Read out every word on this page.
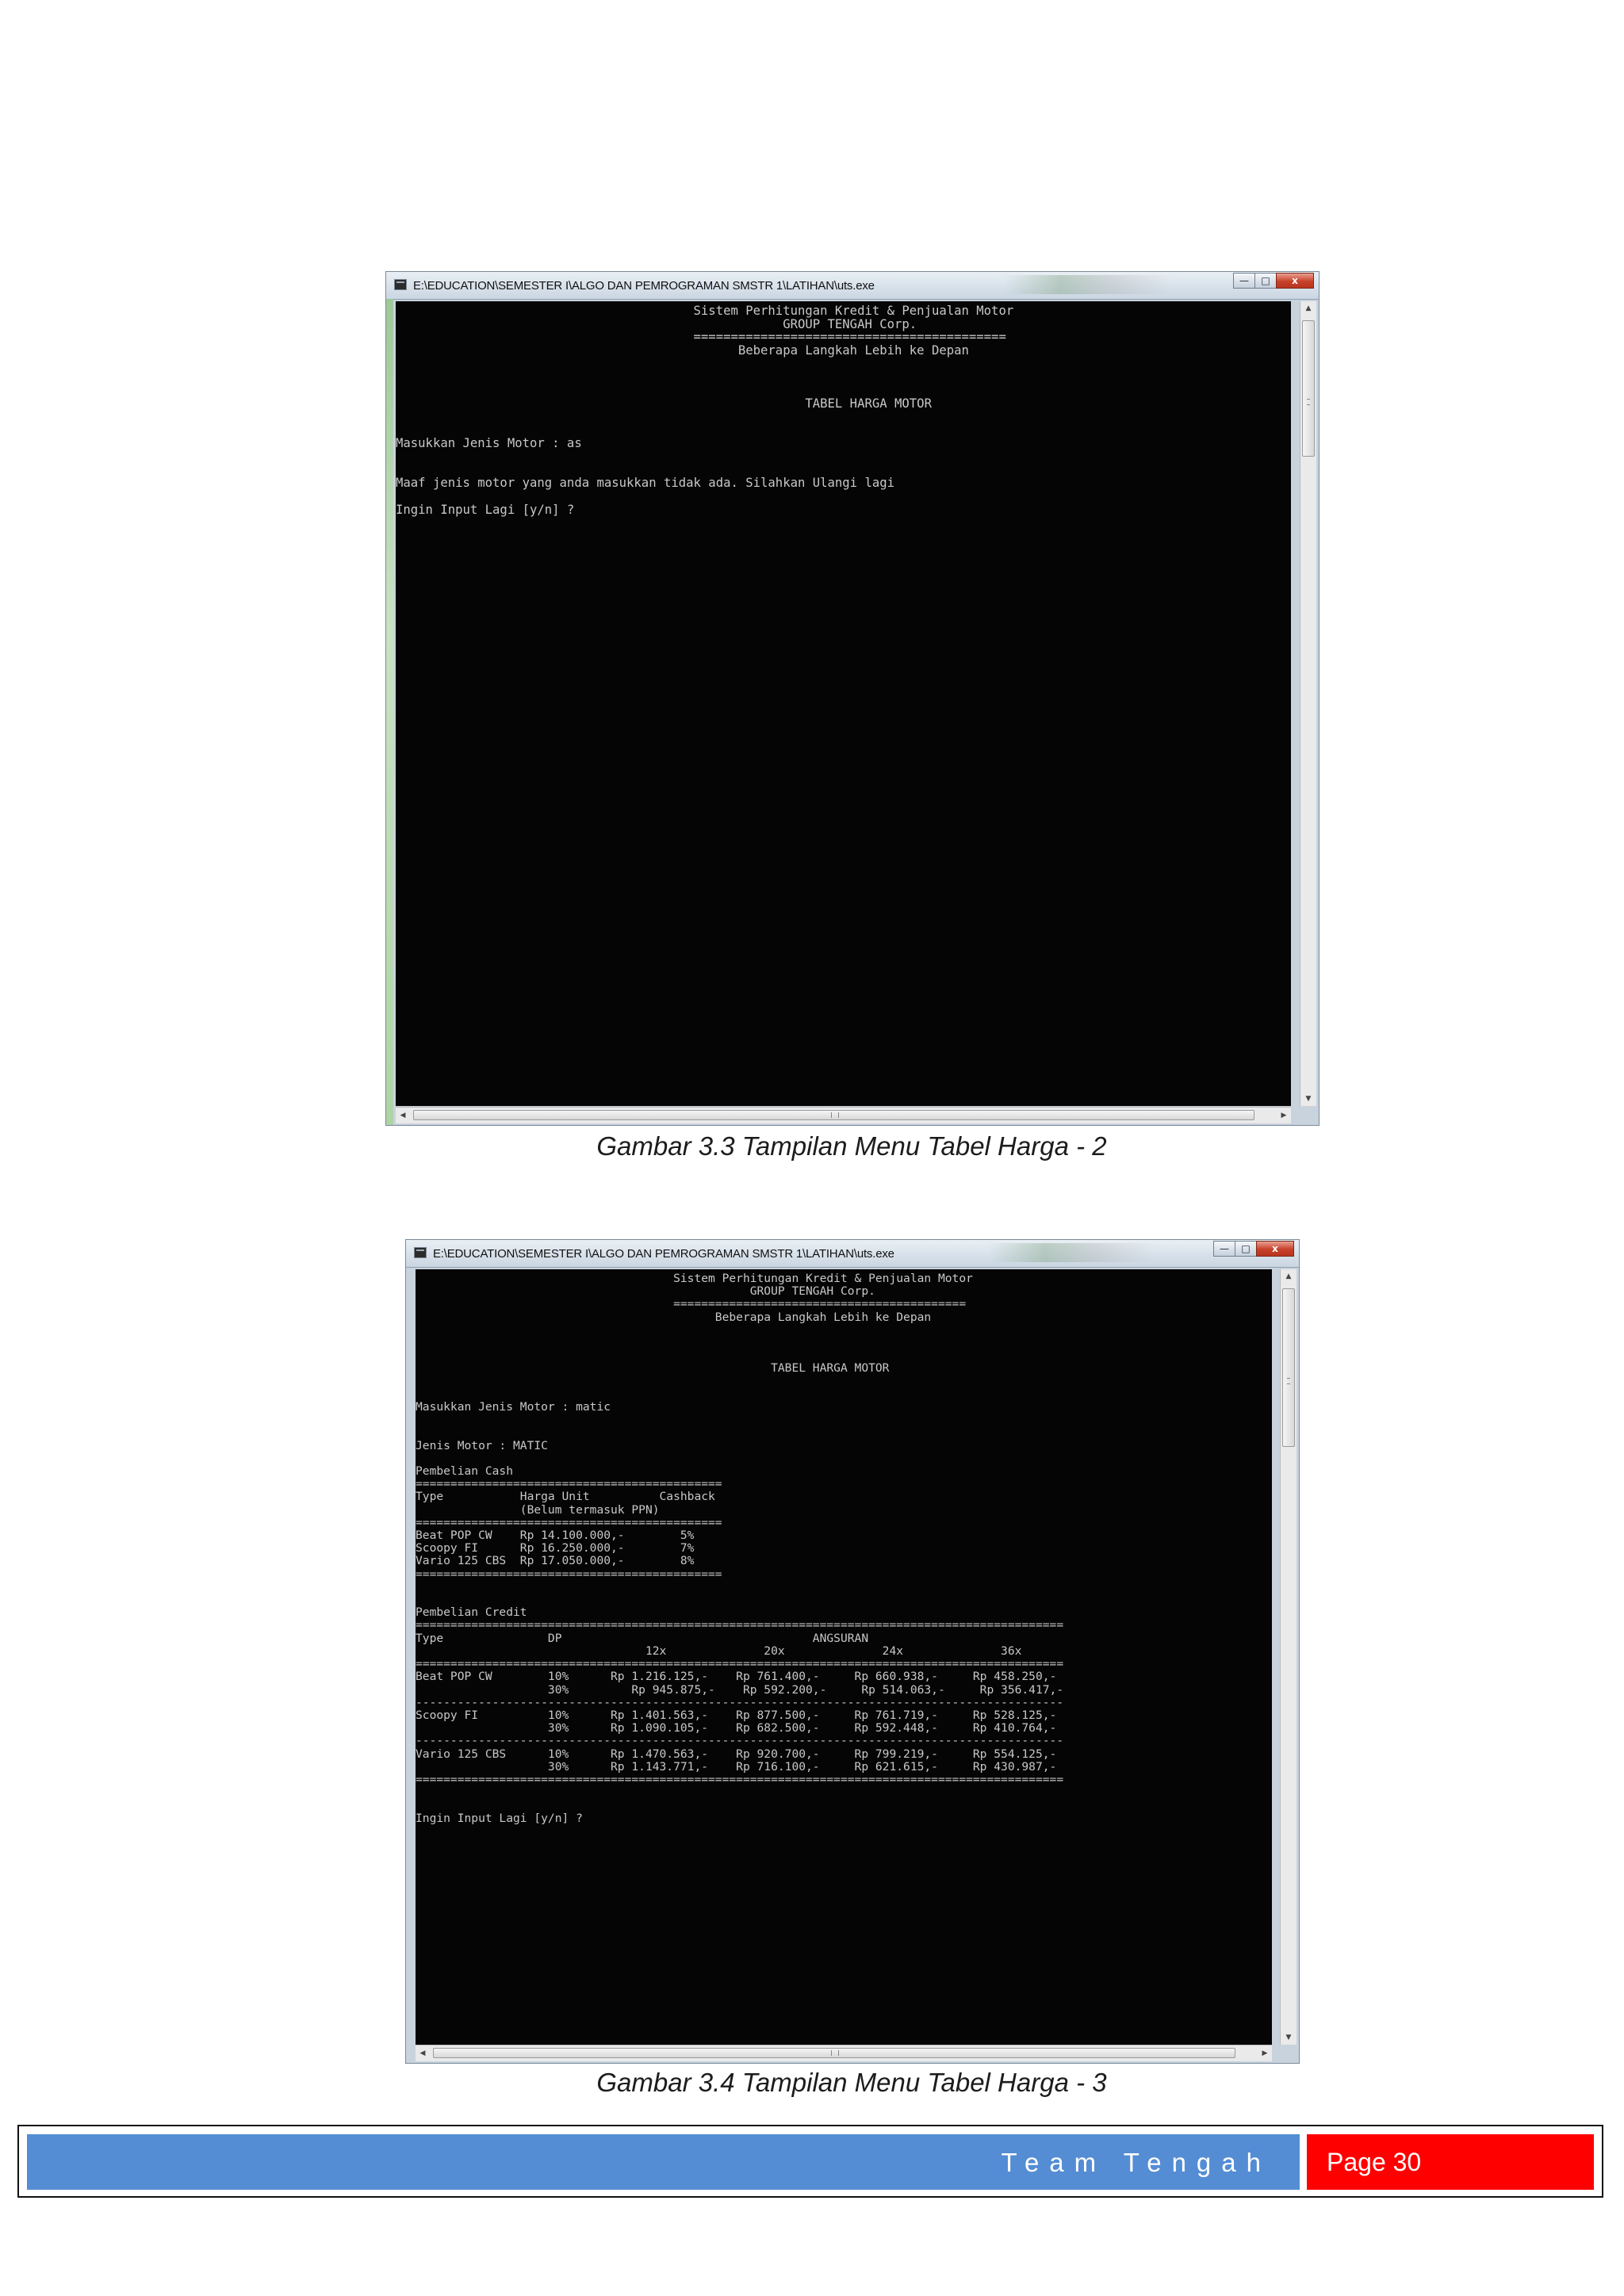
E:\EDUCATION\SEMESTER I\ALGO DAN PEMROGRAMAN SMSTR 1\LATIHAN\uts.exe	—	□	x
Sistem Perhitungan Kredit & Penjualan Motor
GROUP TENGAH Corp.
==========================================
Beberapa Langkah Lebih ke Depan

TABEL HARGA MOTOR

Masukkan Jenis Motor : as

Maaf jenis motor yang anda masukkan tidak ada. Silahkan Ulangi lagi

Ingin Input Lagi [y/n] ?
▲
▼
◀	▶
Gambar 3.3 Tampilan Menu Tabel Harga - 2
E:\EDUCATION\SEMESTER I\ALGO DAN PEMROGRAMAN SMSTR 1\LATIHAN\uts.exe	—	□	x
Sistem Perhitungan Kredit & Penjualan Motor
GROUP TENGAH Corp.
==========================================
Beberapa Langkah Lebih ke Depan

TABEL HARGA MOTOR

Masukkan Jenis Motor : matic

Jenis Motor : MATIC

Pembelian Cash
============================================
Type           Harga Unit          Cashback
(Belum termasuk PPN)
============================================
Beat POP CW    Rp 14.100.000,-        5%
Scoopy FI      Rp 16.250.000,-        7%
Vario 125 CBS  Rp 17.050.000,-        8%
============================================

Pembelian Credit
=============================================================================================
Type               DP                                    ANGSURAN
12x              20x              24x              36x
=============================================================================================
Beat POP CW        10%      Rp 1.216.125,-    Rp 761.400,-     Rp 660.938,-     Rp 458.250,-
30%         Rp 945.875,-    Rp 592.200,-     Rp 514.063,-     Rp 356.417,-
---------------------------------------------------------------------------------------------
Scoopy FI          10%      Rp 1.401.563,-    Rp 877.500,-     Rp 761.719,-     Rp 528.125,-
30%      Rp 1.090.105,-    Rp 682.500,-     Rp 592.448,-     Rp 410.764,-
---------------------------------------------------------------------------------------------
Vario 125 CBS      10%      Rp 1.470.563,-    Rp 920.700,-     Rp 799.219,-     Rp 554.125,-
30%      Rp 1.143.771,-    Rp 716.100,-     Rp 621.615,-     Rp 430.987,-
=============================================================================================

Ingin Input Lagi [y/n] ?
▲
▼
◀	▶
Gambar 3.4 Tampilan Menu Tabel Harga - 3
Team Tengah Page 30
